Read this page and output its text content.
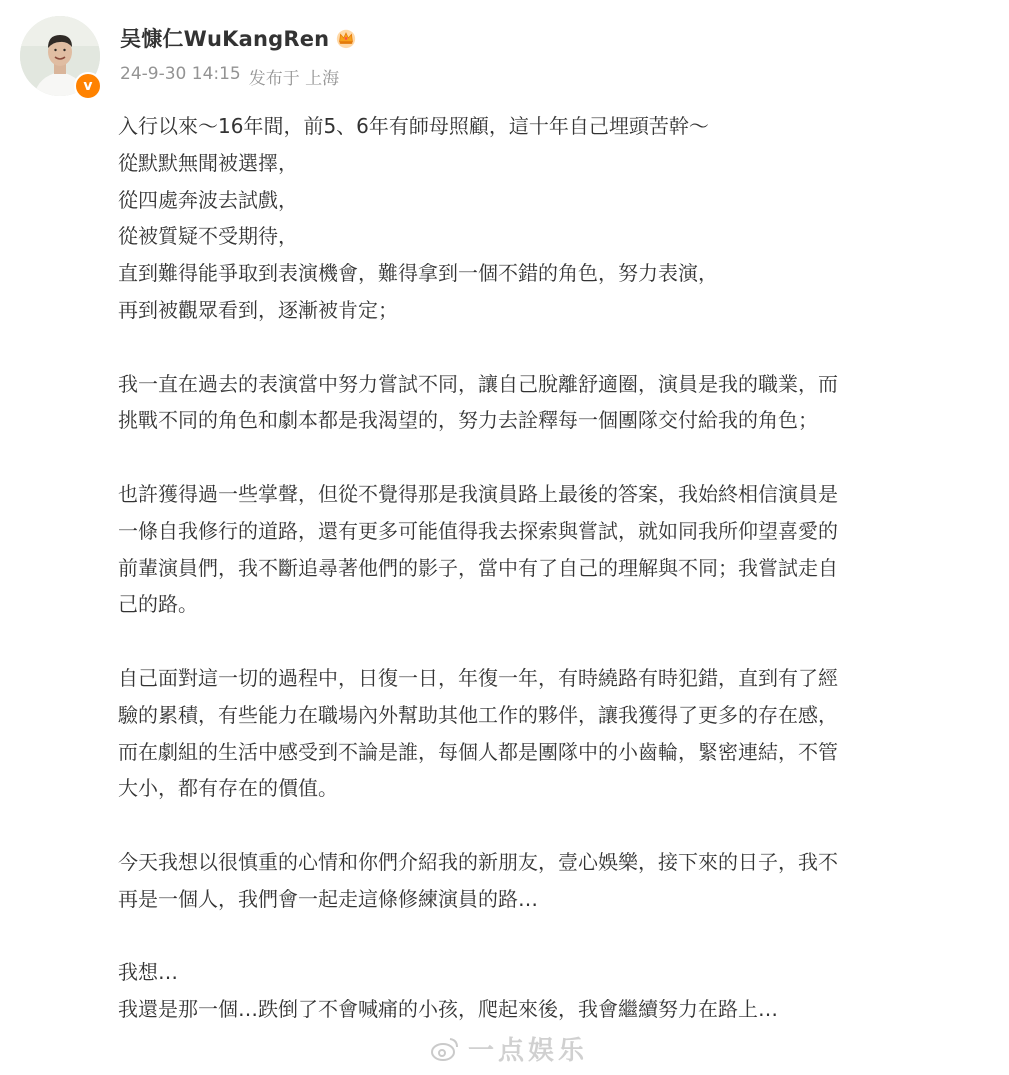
v
吴慷仁WuKangRen
24-9-30 14:15 发布于 上海

入行以來～16年間，前5、6年有師母照顧，這十年自己埋頭苦幹～

從默默無聞被選擇，

從四處奔波去試戲，

從被質疑不受期待，

直到難得能爭取到表演機會，難得拿到一個不錯的角色，努力表演，

再到被觀眾看到，逐漸被肯定；

我一直在過去的表演當中努力嘗試不同，讓自己脫離舒適圈，演員是我的職業，而

挑戰不同的角色和劇本都是我渴望的，努力去詮釋每一個團隊交付給我的角色；

也許獲得過一些掌聲，但從不覺得那是我演員路上最後的答案，我始終相信演員是

一條自我修行的道路，還有更多可能值得我去探索與嘗試，就如同我所仰望喜愛的

前輩演員們，我不斷追尋著他們的影子，當中有了自己的理解與不同；我嘗試走自

己的路。

自己面對這一切的過程中，日復一日，年復一年，有時繞路有時犯錯，直到有了經

驗的累積，有些能力在職場內外幫助其他工作的夥伴，讓我獲得了更多的存在感，

而在劇組的生活中感受到不論是誰，每個人都是團隊中的小齒輪，緊密連結，不管

大小，都有存在的價值。

今天我想以很慎重的心情和你們介紹我的新朋友，壹心娛樂，接下來的日子，我不

再是一個人，我們會一起走這條修練演員的路…

我想…

我還是那一個…跌倒了不會喊痛的小孩，爬起來後，我會繼續努力在路上…

一点娱乐
